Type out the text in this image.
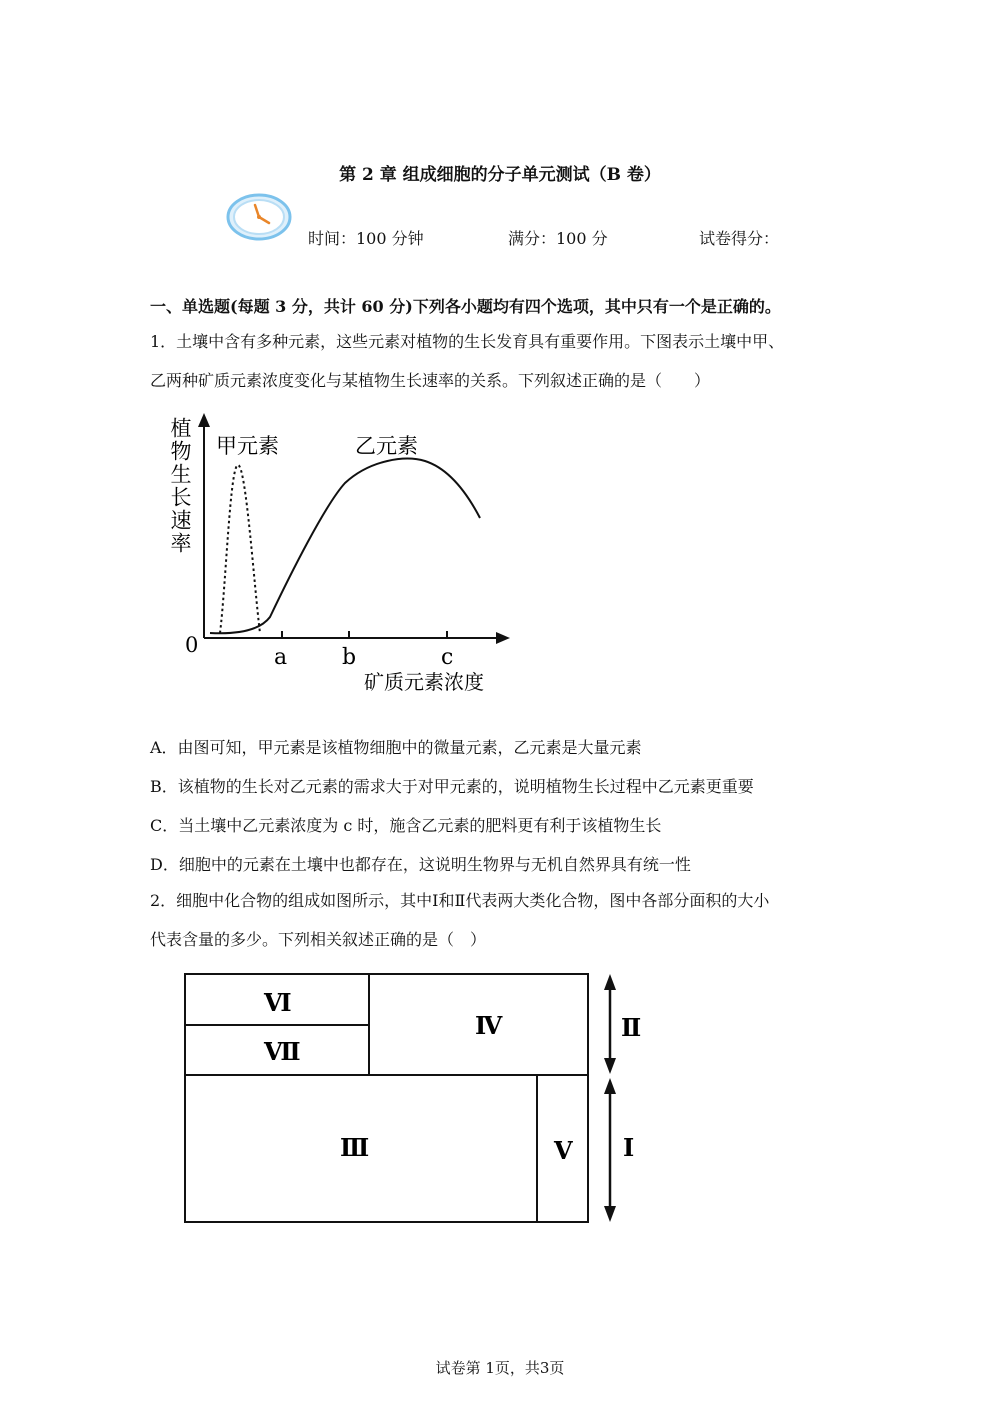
第 2 章 组成细胞的分子单元测试（B 卷）
时间：100 分钟	满分：100 分	试卷得分：
一、单选题(每题 3 分，共计 60 分)下列各小题均有四个选项，其中只有一个是正确的。
1．土壤中含有多种元素，这些元素对植物的生长发育具有重要作用。下图表示土壤中甲、
乙两种矿质元素浓度变化与某植物生长速率的关系。下列叙述正确的是（　　）
植物生长速率
0	a b	c
矿质元素浓度
甲元素	乙元素
A．由图可知，甲元素是该植物细胞中的微量元素，乙元素是大量元素
B．该植物的生长对乙元素的需求大于对甲元素的，说明植物生长过程中乙元素更重要
C．当土壤中乙元素浓度为 c 时，施含乙元素的肥料更有利于该植物生长
D．细胞中的元素在土壤中也都存在，这说明生物界与无机自然界具有统一性
2．细胞中化合物的组成如图所示，其中Ⅰ和Ⅱ代表两大类化合物，图中各部分面积的大小
代表含量的多少。下列相关叙述正确的是（　）
Ⅵ
Ⅶ
Ⅳ
Ⅲ	Ⅴ
Ⅱ
Ⅰ
试卷第 1页，共3页
